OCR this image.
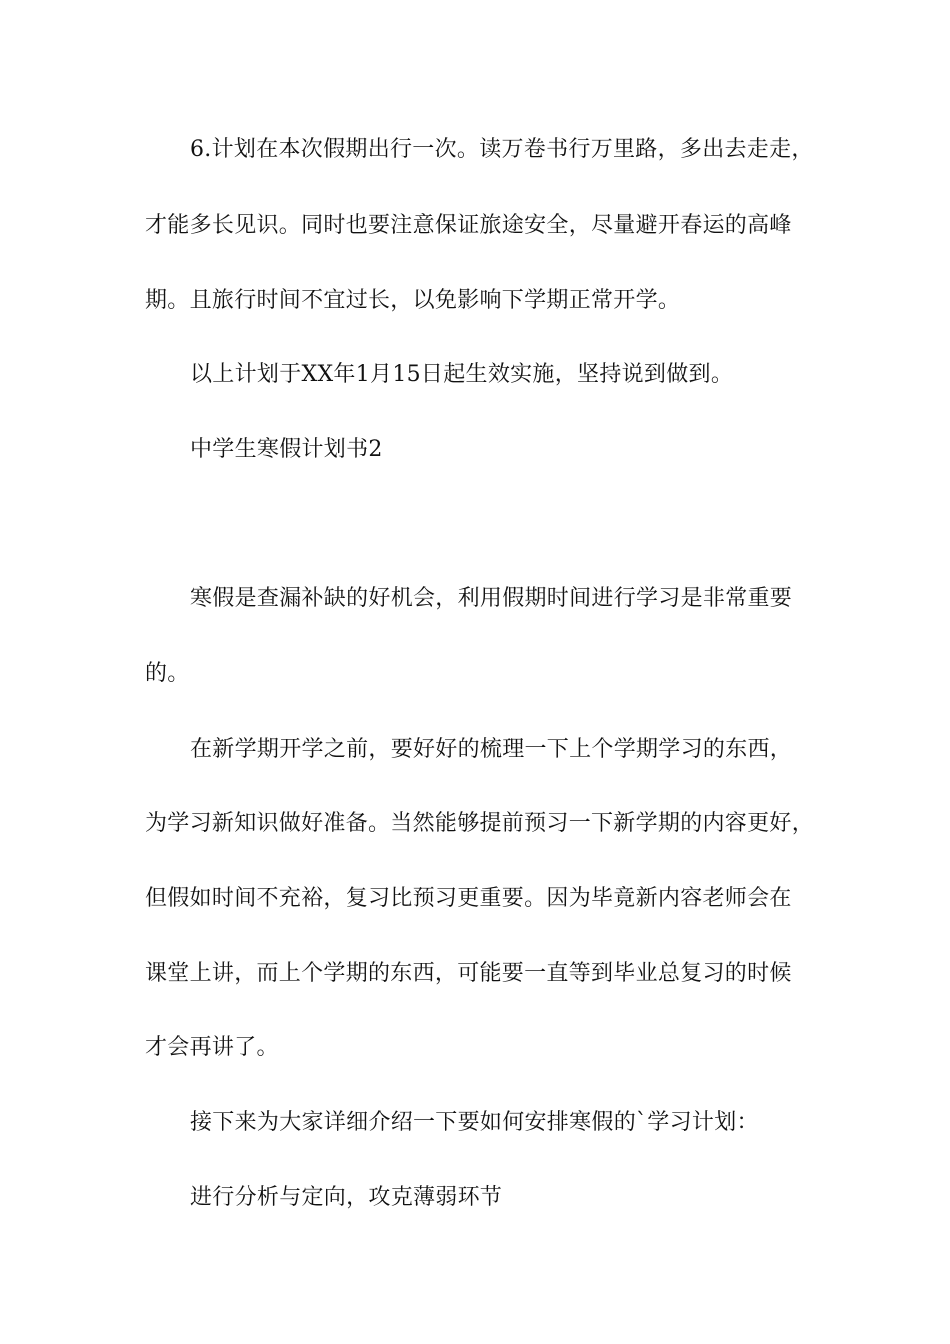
6.计划在本次假期出行一次。读万卷书行万里路，多出去走走，
才能多长见识。同时也要注意保证旅途安全，尽量避开春运的高峰
期。且旅行时间不宜过长，以免影响下学期正常开学。
以上计划于XX年1月15日起生效实施，坚持说到做到。
中学生寒假计划书2
寒假是查漏补缺的好机会，利用假期时间进行学习是非常重要
的。
在新学期开学之前，要好好的梳理一下上个学期学习的东西，
为学习新知识做好准备。当然能够提前预习一下新学期的内容更好，
但假如时间不充裕，复习比预习更重要。因为毕竟新内容老师会在
课堂上讲，而上个学期的东西，可能要一直等到毕业总复习的时候
才会再讲了。
接下来为大家详细介绍一下要如何安排寒假的`学习计划：
进行分析与定向，攻克薄弱环节
